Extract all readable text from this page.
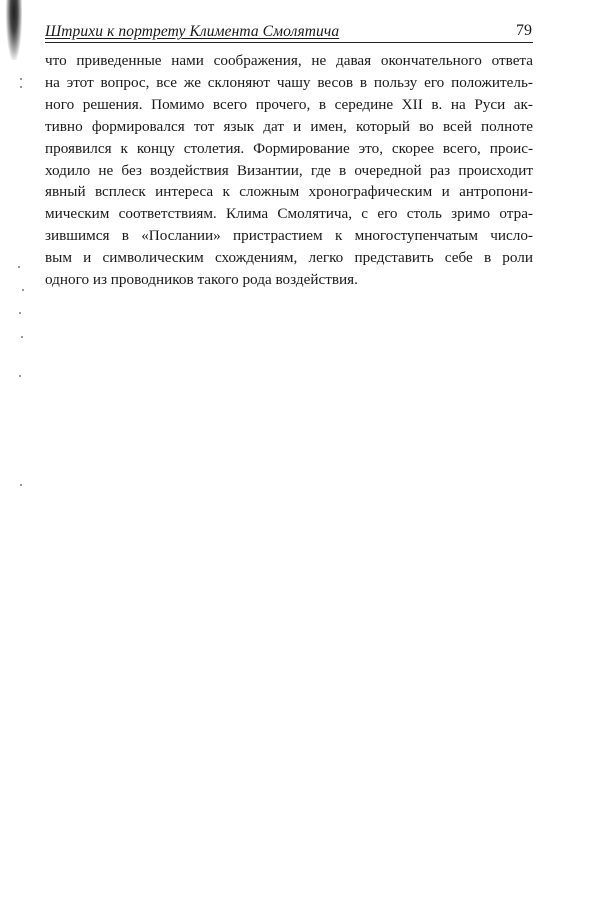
Штрихи к портрету Климента Смолятича	79
что приведенные нами соображения, не давая окончательного ответа
на этот вопрос, все же склоняют чашу весов в пользу его положитель-
ного решения. Помимо всего прочего, в середине XII в. на Руси ак-
тивно формировался тот язык дат и имен, который во всей полноте
проявился к концу столетия. Формирование это, скорее всего, проис-
ходило не без воздействия Византии, где в очередной раз происходит
явный всплеск интереса к сложным хронографическим и антропони-
мическим соответствиям. Клима Смолятича, с его столь зримо отра-
зившимся в «Послании» пристрастием к многоступенчатым число-
вым и символическим схождениям, легко представить себе в роли
одного из проводников такого рода воздействия.
